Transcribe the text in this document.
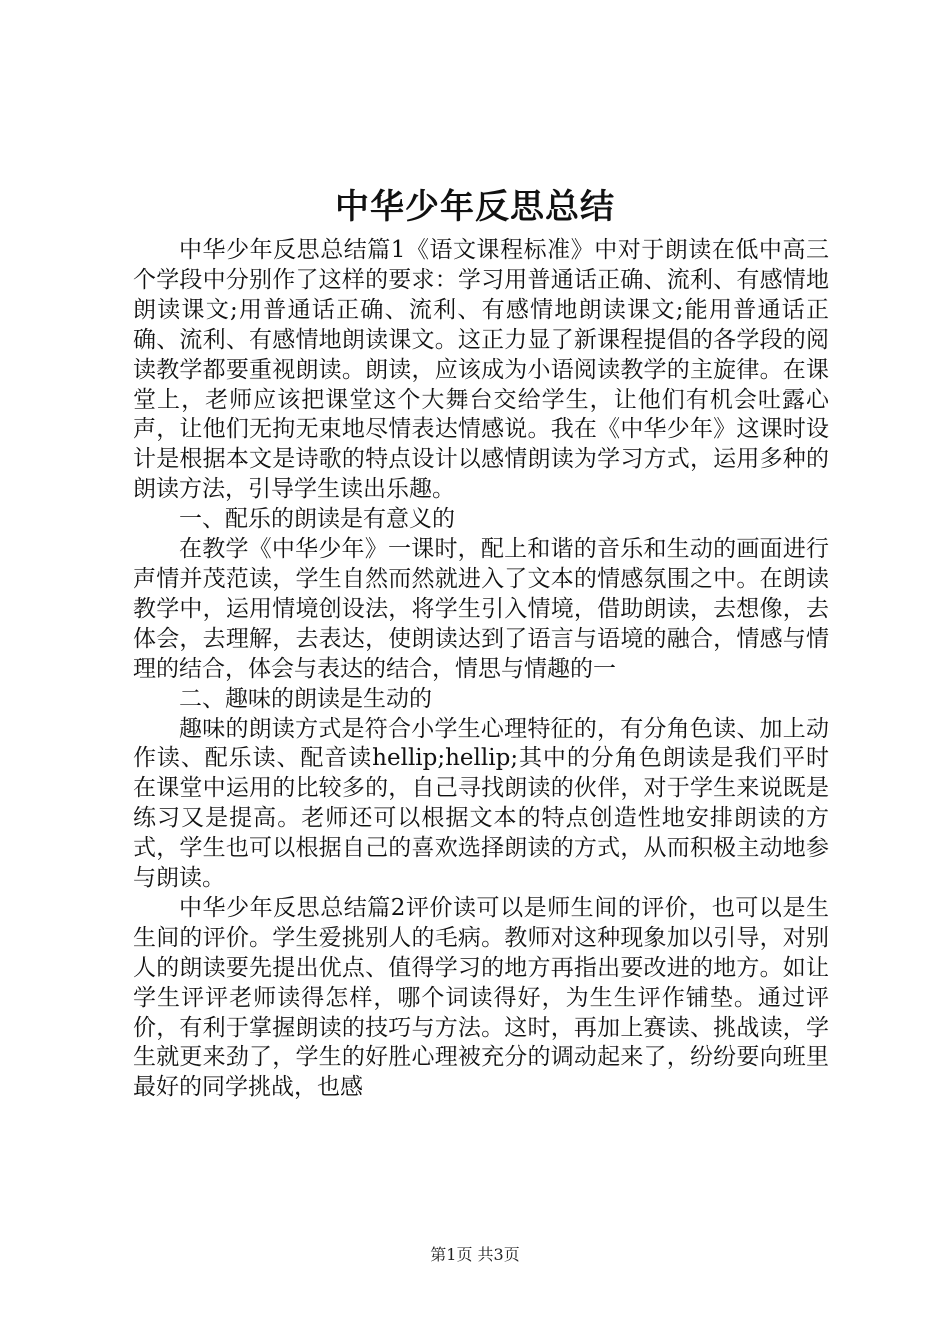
中华少年反思总结

中华少年反思总结篇1《语文课程标准》中对于朗读在低中高三个学段中分别作了这样的要求：学习用普通话正确、流利、有感情地朗读课文;用普通话正确、流利、有感情地朗读课文;能用普通话正确、流利、有感情地朗读课文。这正力显了新课程提倡的各学段的阅读教学都要重视朗读。朗读，应该成为小语阅读教学的主旋律。在课堂上，老师应该把课堂这个大舞台交给学生，让他们有机会吐露心声，让他们无拘无束地尽情表达情感说。我在《中华少年》这课时设计是根据本文是诗歌的特点设计以感情朗读为学习方式，运用多种的朗读方法，引导学生读出乐趣。

一、配乐的朗读是有意义的

在教学《中华少年》一课时，配上和谐的音乐和生动的画面进行声情并茂范读，学生自然而然就进入了文本的情感氛围之中。在朗读教学中，运用情境创设法，将学生引入情境，借助朗读，去想像，去体会，去理解，去表达，使朗读达到了语言与语境的融合，情感与情理的结合，体会与表达的结合，情思与情趣的一

二、趣味的朗读是生动的

趣味的朗读方式是符合小学生心理特征的，有分角色读、加上动作读、配乐读、配音读hellip;hellip;其中的分角色朗读是我们平时在课堂中运用的比较多的，自己寻找朗读的伙伴，对于学生来说既是练习又是提高。老师还可以根据文本的特点创造性地安排朗读的方式，学生也可以根据自己的喜欢选择朗读的方式，从而积极主动地参与朗读。

中华少年反思总结篇2评价读可以是师生间的评价，也可以是生生间的评价。学生爱挑别人的毛病。教师对这种现象加以引导，对别人的朗读要先提出优点、值得学习的地方再指出要改进的地方。如让学生评评老师读得怎样，哪个词读得好，为生生评作铺垫。通过评价，有利于掌握朗读的技巧与方法。这时，再加上赛读、挑战读，学生就更来劲了，学生的好胜心理被充分的调动起来了，纷纷要向班里最好的同学挑战，也感

第1页 共3页
